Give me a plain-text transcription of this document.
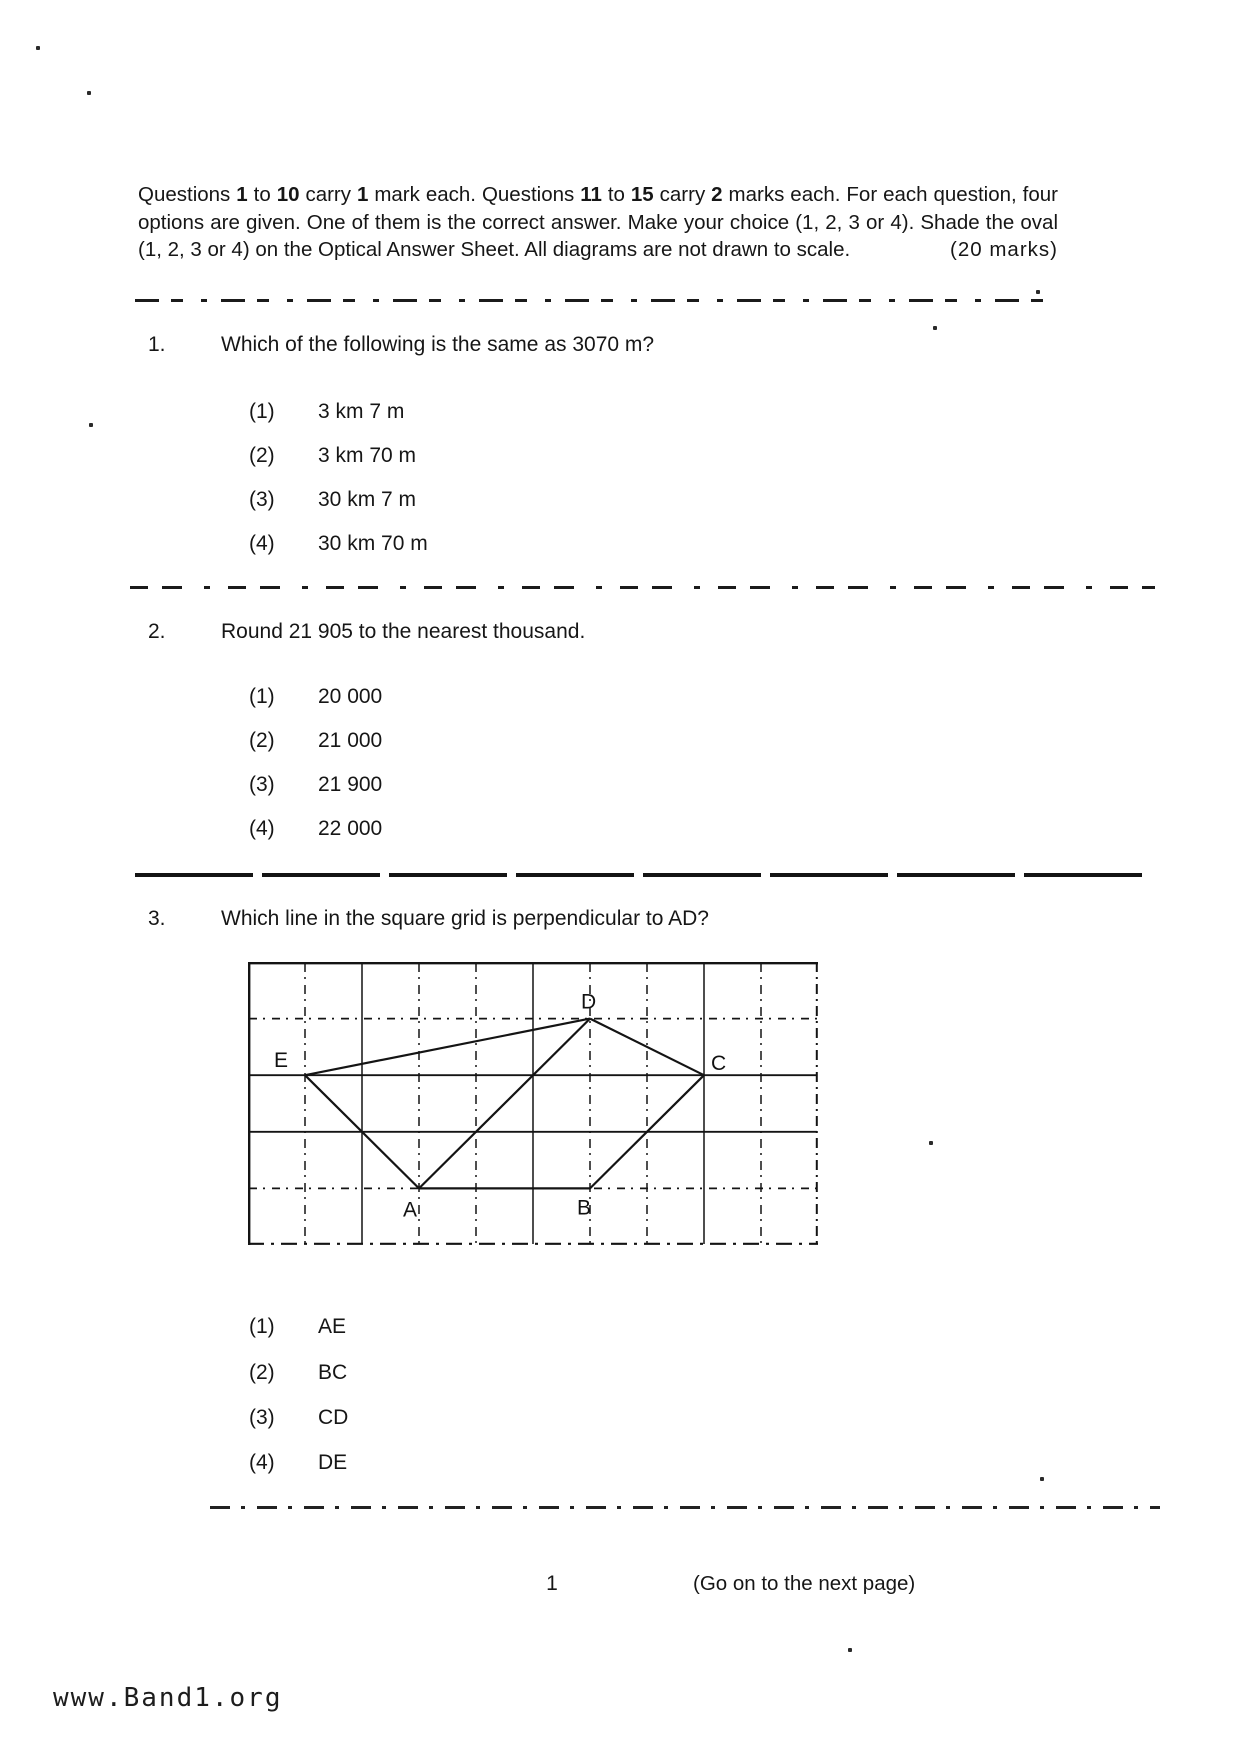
Questions 1 to 10 carry 1 mark each. Questions 11 to 15 carry 2 marks each. For each question, four options are given. One of them is the correct answer. Make your choice (1, 2, 3 or 4). Shade the oval (1, 2, 3 or 4) on the Optical Answer Sheet. All diagrams are not drawn to scale.	(20 marks)
1.	Which of the following is the same as 3070 m?
(1) 3 km 7 m
(2) 3 km 70 m
(3) 30 km 7 m
(4) 30 km 70 m
2.	Round 21 905 to the nearest thousand.
(1) 20 000
(2) 21 000
(3) 21 900
(4) 22 000
3.	Which line in the square grid is perpendicular to AD?
A	B
C
D
E
(1) AE
(2) BC
(3) CD
(4) DE
1	(Go on to the next page)
www.Band1.org
